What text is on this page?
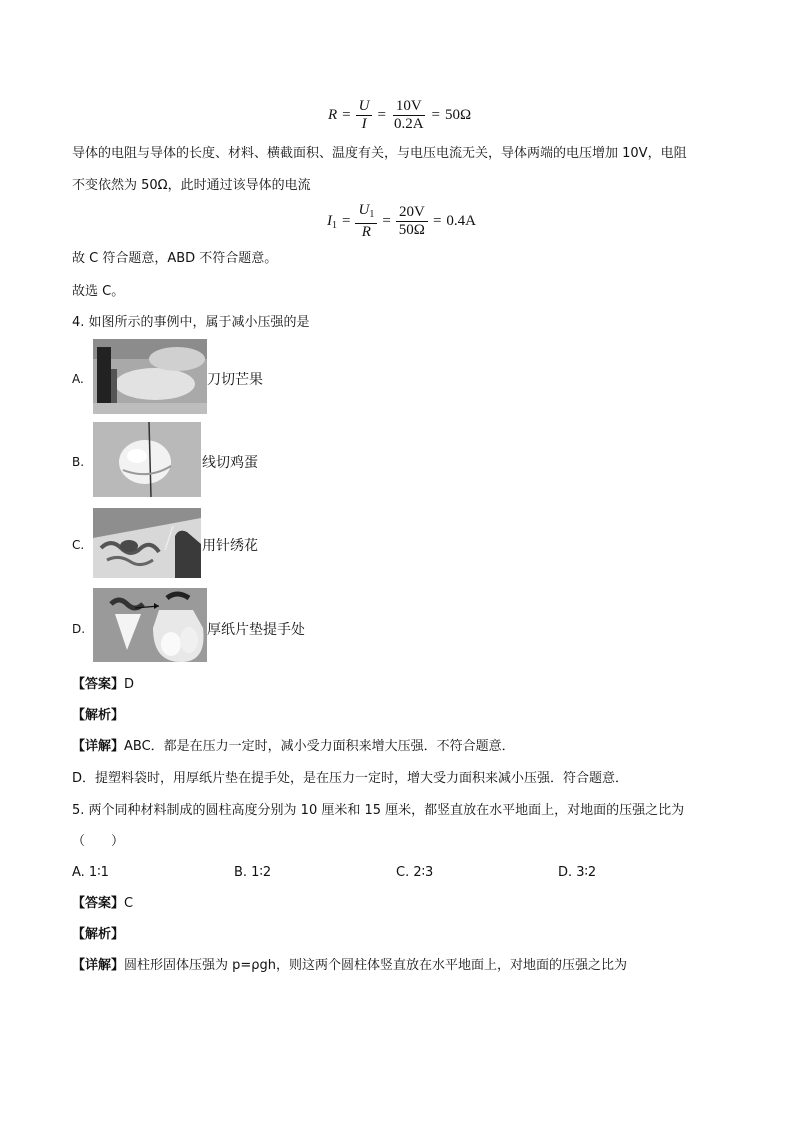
$R = \frac{U}{I} = \frac{10V}{0.2A} = 50\Omega$
导体的电阻与导体的长度、材料、横截面积、温度有关，与电压电流无关，导体两端的电压增加 10V，电阻
不变依然为 50Ω，此时通过该导体的电流
$I_1 = \frac{U_1}{R} = \frac{20V}{50\Omega} = 0.4A$
故 C 符合题意，ABD 不符合题意。
故选 C。
4. 如图所示的事例中，属于减小压强的是
A.	刀切芒果
B.	线切鸡蛋
C.	用针绣花
D.	厚纸片垫提手处
【答案】D
【解析】
【详解】ABC．都是在压力一定时，减小受力面积来增大压强．不符合题意．
D．提塑料袋时，用厚纸片垫在提手处，是在压力一定时，增大受力面积来减小压强．符合题意．
5. 两个同种材料制成的圆柱高度分别为 10 厘米和 15 厘米，都竖直放在水平地面上，对地面的压强之比为
（　　）
A. 1∶1	B. 1∶2	C. 2∶3	D. 3∶2
【答案】C
【解析】
【详解】圆柱形固体压强为 p=ρgh，则这两个圆柱体竖直放在水平地面上，对地面的压强之比为
